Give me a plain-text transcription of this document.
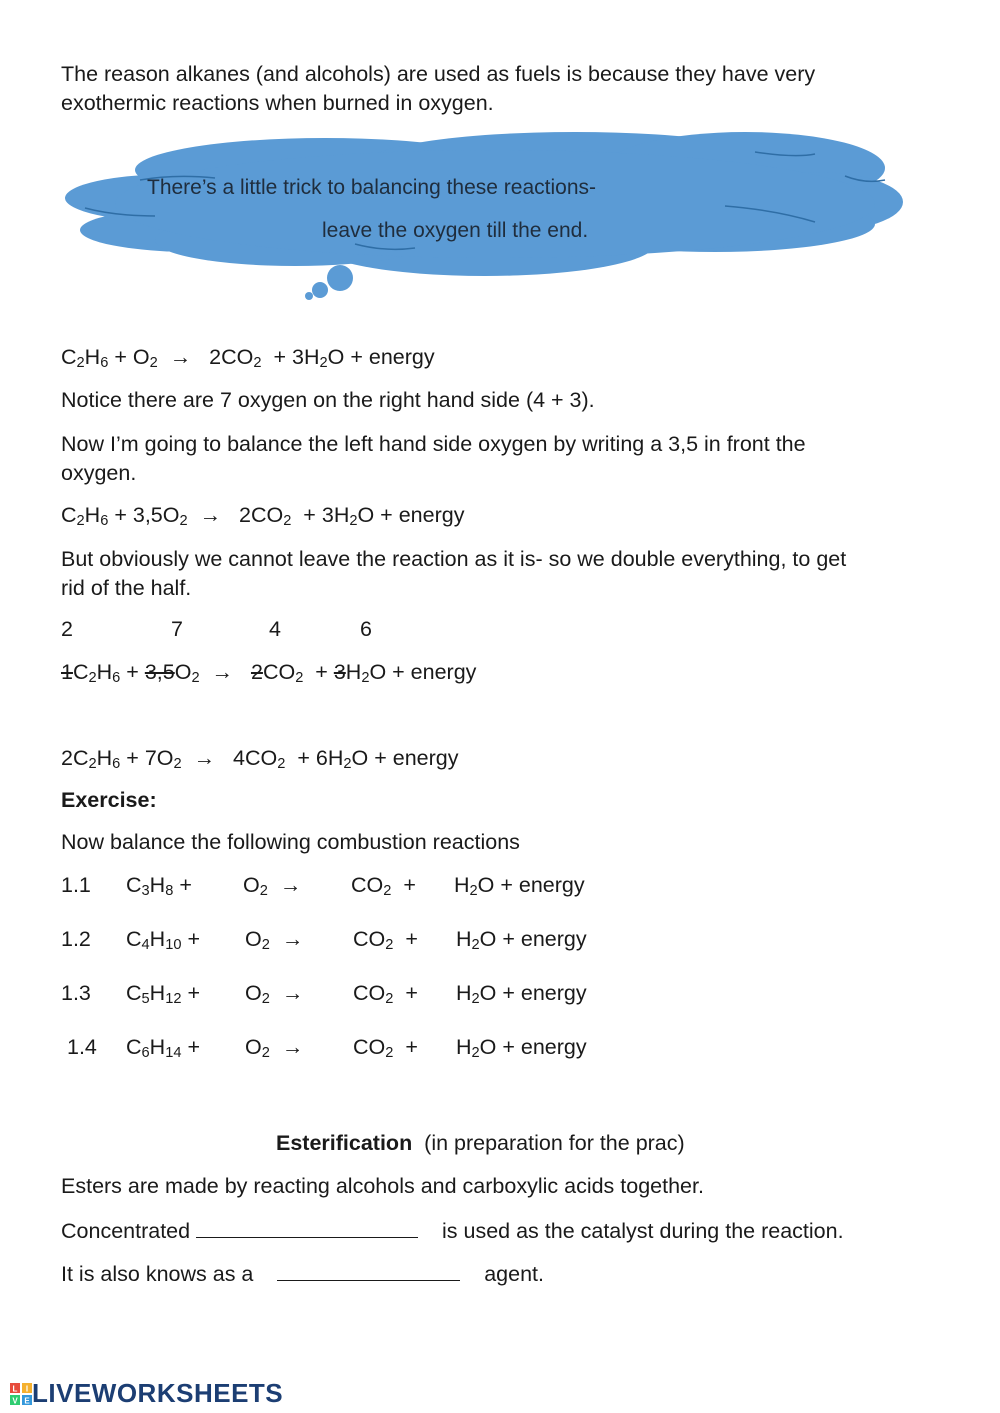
The reason alkanes (and alcohols) are used as fuels is because they have very
exothermic reactions when burned in oxygen.
There’s a little trick to balancing these reactions-
leave the oxygen till the end.
$C_2H_6 + O_2 \to 2CO_2 + 3H_2O$ + energy
Notice there are 7 oxygen on the right hand side (4 + 3).
Now I’m going to balance the left hand side oxygen by writing a 3,5 in front the
oxygen.
$C_2H_6 + 3,5O_2 \to 2CO_2 + 3H_2O$ + energy
But obviously we cannot leave the reaction as it is- so we double everything, to get
rid of the half.
2	7	4	6
$1C_2H_6 + 3,5O_2 \to 2CO_2 + 3H_2O$ + energy
$2C_2H_6 + 7O_2 \to 4CO_2 + 6H_2O$ + energy
Exercise:
Now balance the following combustion reactions
1.1 $C_3H_8 + O_2 \to CO_2 + H_2O$ + energy
1.2 $C_4H_{10} + O_2 \to CO_2 + H_2O$ + energy
1.3 $C_5H_{12} + O_2 \to CO_2 + H_2O$ + energy
1.4 $C_6H_{14} + O_2 \to CO_2 + H_2O$ + energy
Esterification (in preparation for the prac)
Esters are made by reacting alcohols and carboxylic acids together.
Concentrated	is used as the catalyst during the reaction.
It is also knows as a	agent.
L I
V E LIVEWORKSHEETS
